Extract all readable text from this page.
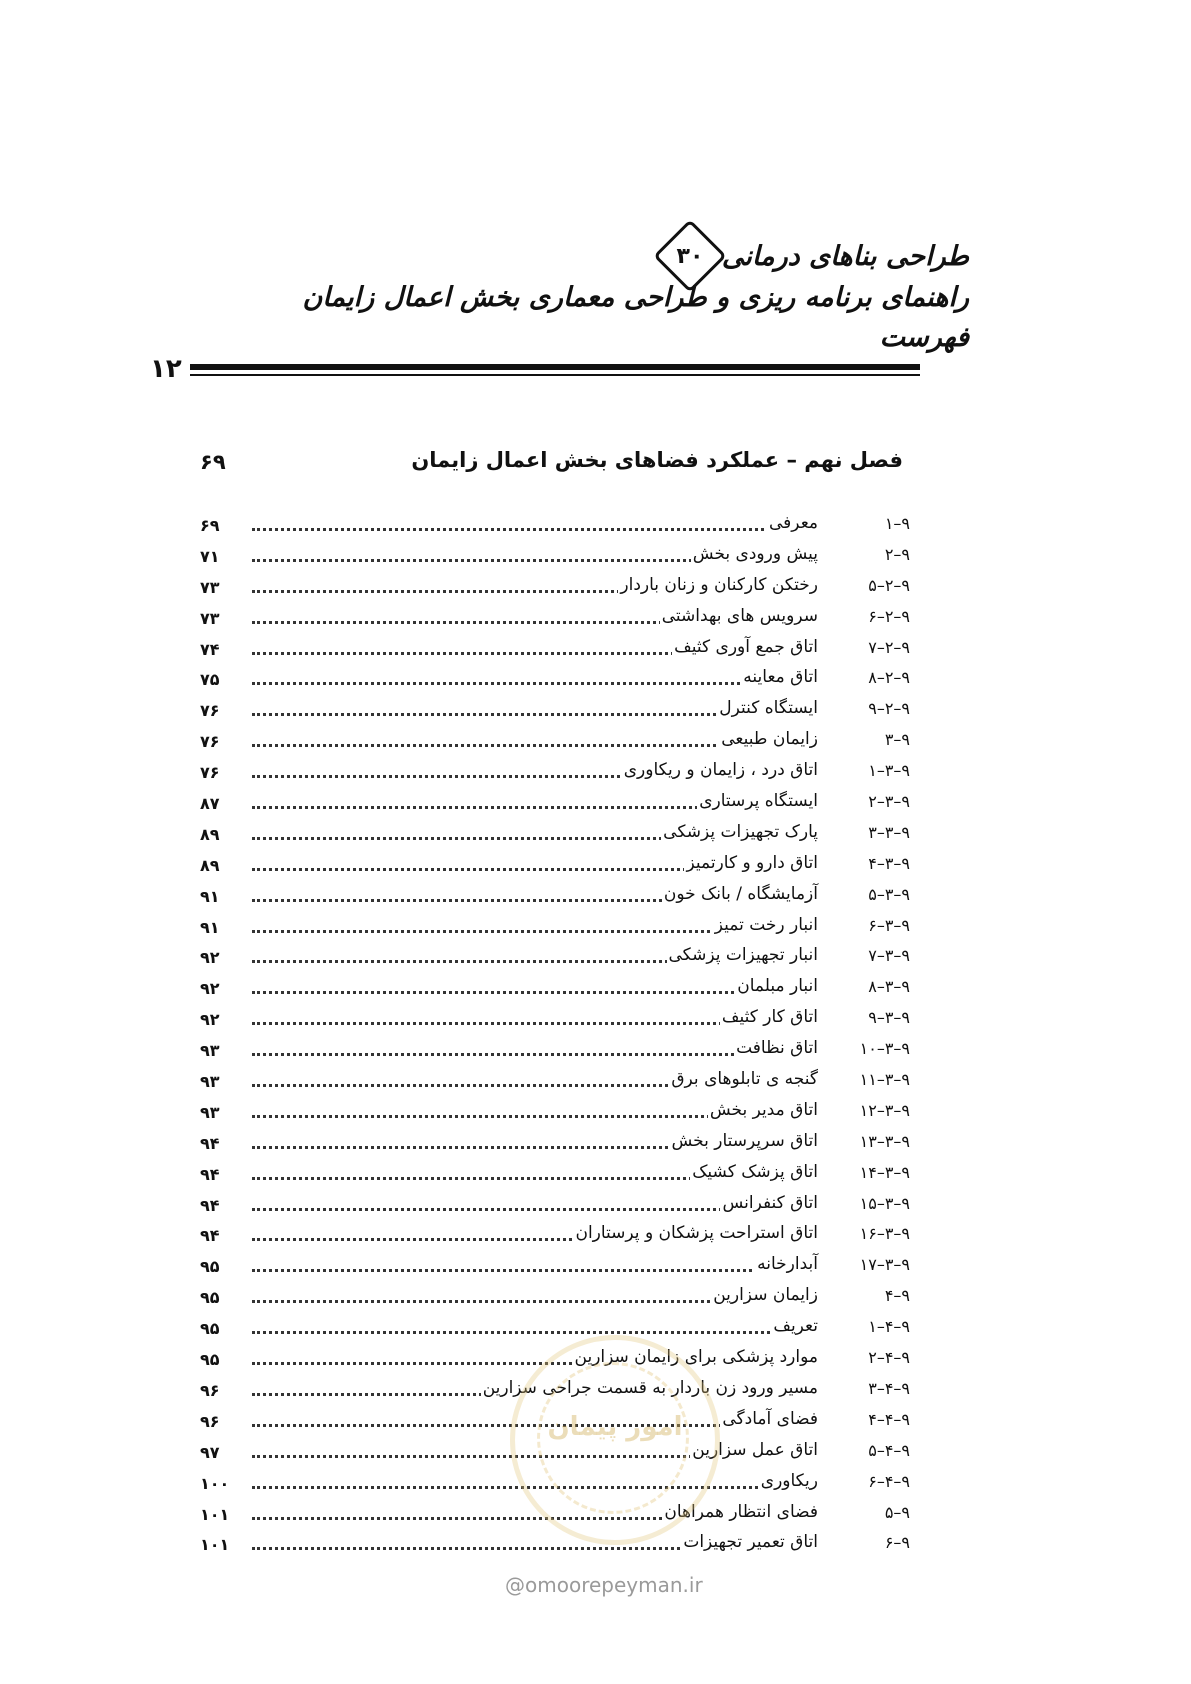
طراحی بناهای درمانی
۳۰
راهنمای برنامه ریزی و طراحی معماری بخش اعمال زایمان
فهرست
۱۲
فصل نهم – عملکرد فضاهای بخش اعمال زایمان
۶۹
۹–۱
معرفی
۶۹
۹–۲
پیش ورودی بخش
۷۱
۹–۲–۵
رختکن کارکنان و زنان باردار
۷۳
۹–۲–۶
سرویس های بهداشتی
۷۳
۹–۲–۷
اتاق جمع آوری کثیف
۷۴
۹–۲–۸
اتاق معاینه
۷۵
۹–۲–۹
ایستگاه کنترل
۷۶
۹–۳
زایمان طبیعی
۷۶
۹–۳–۱
اتاق درد ، زایمان و ریکاوری
۷۶
۹–۳–۲
ایستگاه پرستاری
۸۷
۹–۳–۳
پارک تجهیزات پزشکی
۸۹
۹–۳–۴
اتاق دارو و کارتمیز
۸۹
۹–۳–۵
آزمایشگاه / بانک خون
۹۱
۹–۳–۶
انبار رخت تمیز
۹۱
۹–۳–۷
انبار تجهیزات پزشکی
۹۲
۹–۳–۸
انبار مبلمان
۹۲
۹–۳–۹
اتاق کار کثیف
۹۲
۹–۳–۱۰
اتاق نظافت
۹۳
۹–۳–۱۱
گنجه ی تابلوهای برق
۹۳
۹–۳–۱۲
اتاق مدیر بخش
۹۳
۹–۳–۱۳
اتاق سرپرستار بخش
۹۴
۹–۳–۱۴
اتاق پزشک کشیک
۹۴
۹–۳–۱۵
اتاق کنفرانس
۹۴
۹–۳–۱۶
اتاق استراحت پزشکان و پرستاران
۹۴
۹–۳–۱۷
آبدارخانه
۹۵
۹–۴
زایمان سزارین
۹۵
۹–۴–۱
تعریف
۹۵
۹–۴–۲
موارد پزشکی برای زایمان سزارین
۹۵
۹–۴–۳
مسیر ورود زن باردار به قسمت جراحی سزارین
۹۶
۹–۴–۴
فضای آمادگی
۹۶
۹–۴–۵
اتاق عمل سزارین
۹۷
۹–۴–۶
ریکاوری
۱۰۰
۹–۵
فضای انتظار همراهان
۱۰۱
۹–۶
اتاق تعمیر تجهیزات
۱۰۱
امور پیمان
@omoorepeyman.ir
